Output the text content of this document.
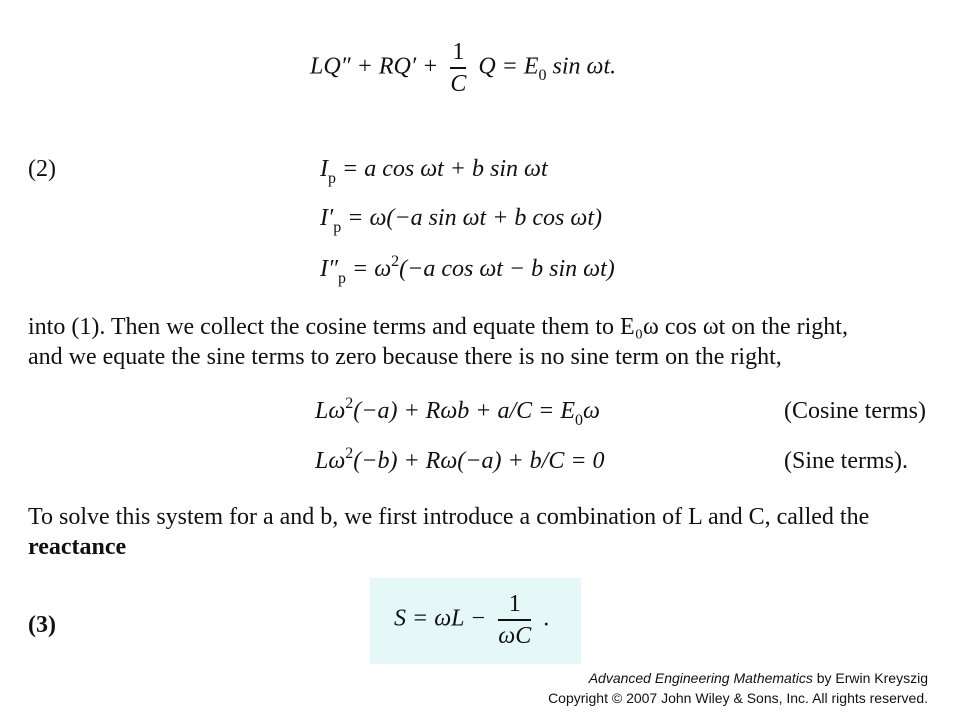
$LQ'' + RQ' + \frac{1}{C}$ $Q = E_0$ sin ωt.
(2)	$I_p = a$ cos ωt + b sin ωt
$I'_p = \omega(-a$ sin ωt + b cos ωt)
$I''_p = \omega^2(-a$ cos ωt − b sin ωt)
into (1). Then we collect the cosine terms and equate them to E₀ω cos ωt on the right,
and we equate the sine terms to zero because there is no sine term on the right,
$L\omega^2(-a) + R\omega b + a/C = E_0\omega$	(Cosine terms)
$L\omega^2(-b) + R\omega(-a) + b/C = 0$	(Sine terms).
To solve this system for a and b, we first introduce a combination of L and C, called the
reactance
(3)	$S = \omega L - \frac{1}{\omega C}$ .
Advanced Engineering Mathematics by Erwin Kreyszig
Copyright © 2007 John Wiley & Sons, Inc. All rights reserved.
